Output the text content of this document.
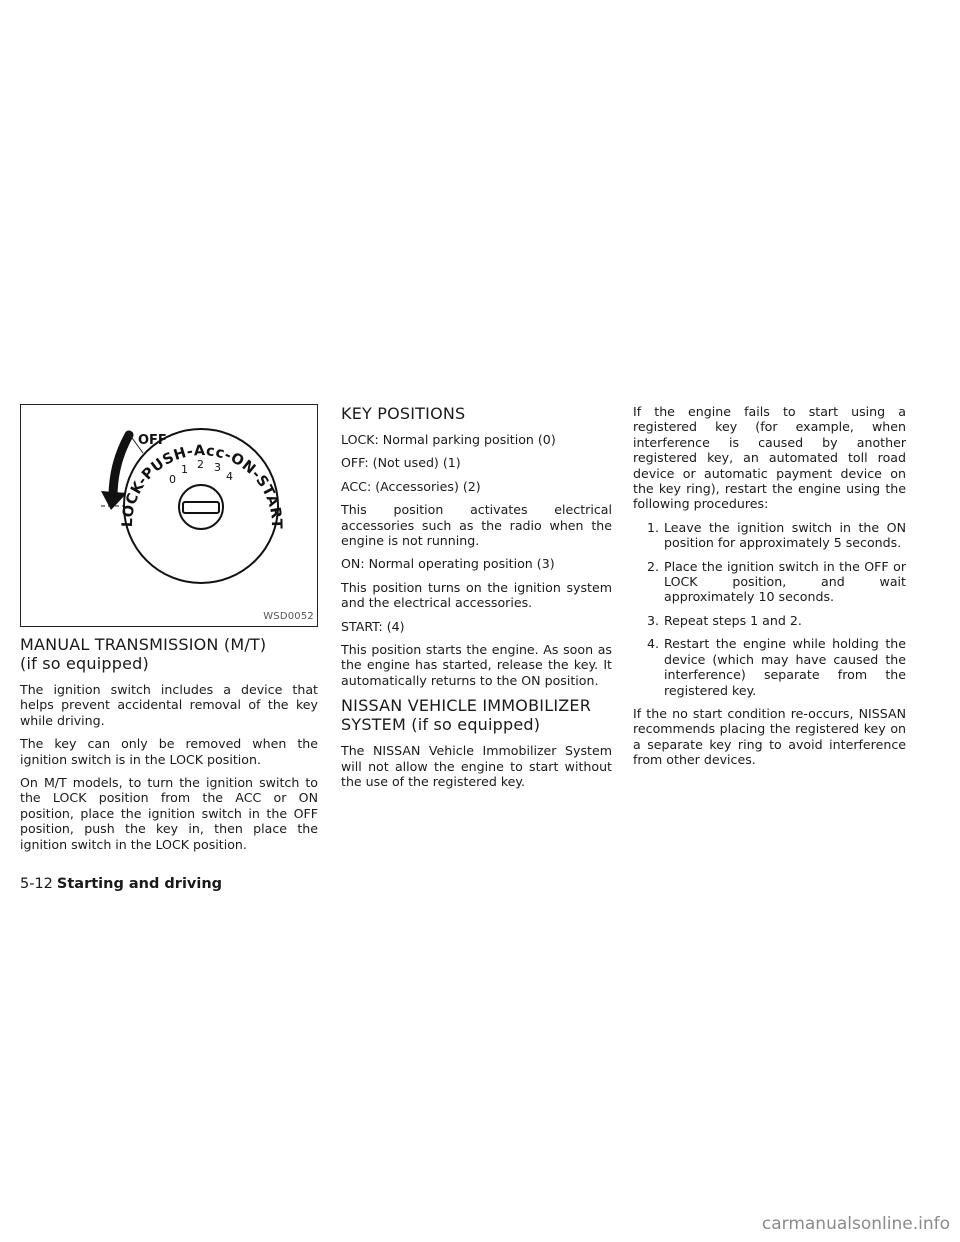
LOCK-PUSH-Acc-ON-START
0
1 2 3
4
OFF
WSD0052
MANUAL TRANSMISSION (M/T)
(if so equipped)

The ignition switch includes a device that helps prevent accidental removal of the key while driving.

The key can only be removed when the ignition switch is in the LOCK position.

On M/T models, to turn the ignition switch to the LOCK position from the ACC or ON position, place the ignition switch in the OFF position, push the key in, then place the ignition switch in the LOCK position.

KEY POSITIONS

LOCK: Normal parking position (0)

OFF: (Not used) (1)

ACC: (Accessories) (2)

This position activates electrical accessories such as the radio when the engine is not running.

ON: Normal operating position (3)

This position turns on the ignition system and the electrical accessories.

START: (4)

This position starts the engine. As soon as the engine has started, release the key. It automatically returns to the ON position.

NISSAN VEHICLE IMMOBILIZER
SYSTEM (if so equipped)

The NISSAN Vehicle Immobilizer System will not allow the engine to start without the use of the registered key.

If the engine fails to start using a registered key (for example, when interference is caused by another registered key, an automated toll road device or automatic payment device on the key ring), restart the engine using the following procedures:

1. Leave the ignition switch in the ON position for approximately 5 seconds.
2. Place the ignition switch in the OFF or LOCK position, and wait approximately 10 seconds.
3. Repeat steps 1 and 2.
4. Restart the engine while holding the device (which may have caused the interference) separate from the registered key.

If the no start condition re-occurs, NISSAN recommends placing the registered key on a separate key ring to avoid interference from other devices.

5-12 Starting and driving
carmanualsonline.info
